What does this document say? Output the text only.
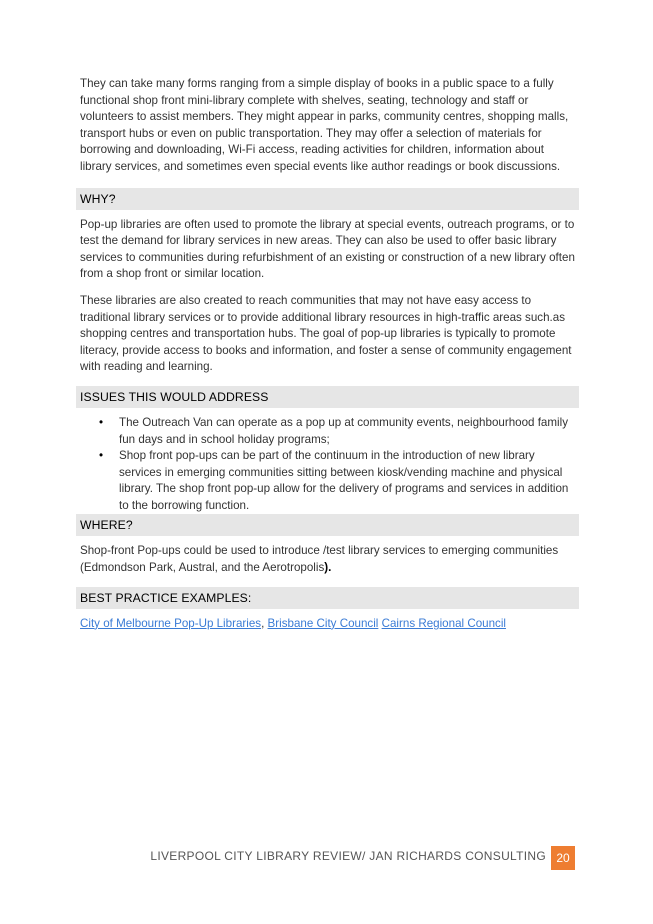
They can take many forms ranging from a simple display of books in a public space to a fully functional shop front mini-library complete with shelves, seating, technology and staff or volunteers to assist members. They might appear in parks, community centres, shopping malls, transport hubs or even on public transportation. They may offer a selection of materials for borrowing and downloading, Wi-Fi access, reading activities for children, information about library services, and sometimes even special events like author readings or book discussions.

WHY?

Pop-up libraries are often used to promote the library at special events, outreach programs, or to test the demand for library services in new areas. They can also be used to offer basic library services to communities during refurbishment of an existing or construction of a new library often from a shop front or similar location.

These libraries are also created to reach communities that may not have easy access to traditional library services or to provide additional library resources in high-traffic areas such.as shopping centres and transportation hubs. The goal of pop-up libraries is typically to promote literacy, provide access to books and information, and foster a sense of community engagement with reading and learning.

ISSUES THIS WOULD ADDRESS
• The Outreach Van can operate as a pop up at community events, neighbourhood family fun days and in school holiday programs;
• Shop front pop-ups can be part of the continuum in the introduction of new library services in emerging communities sitting between kiosk/vending machine and physical library. The shop front pop-up allow for the delivery of programs and services in addition to the borrowing function.
WHERE?

Shop-front Pop-ups could be used to introduce /test library services to emerging communities (Edmondson Park, Austral, and the Aerotropolis).

BEST PRACTICE EXAMPLES:

City of Melbourne Pop-Up Libraries, Brisbane City Council Cairns Regional Council

LIVERPOOL CITY LIBRARY REVIEW/ JAN RICHARDS CONSULTING 20
